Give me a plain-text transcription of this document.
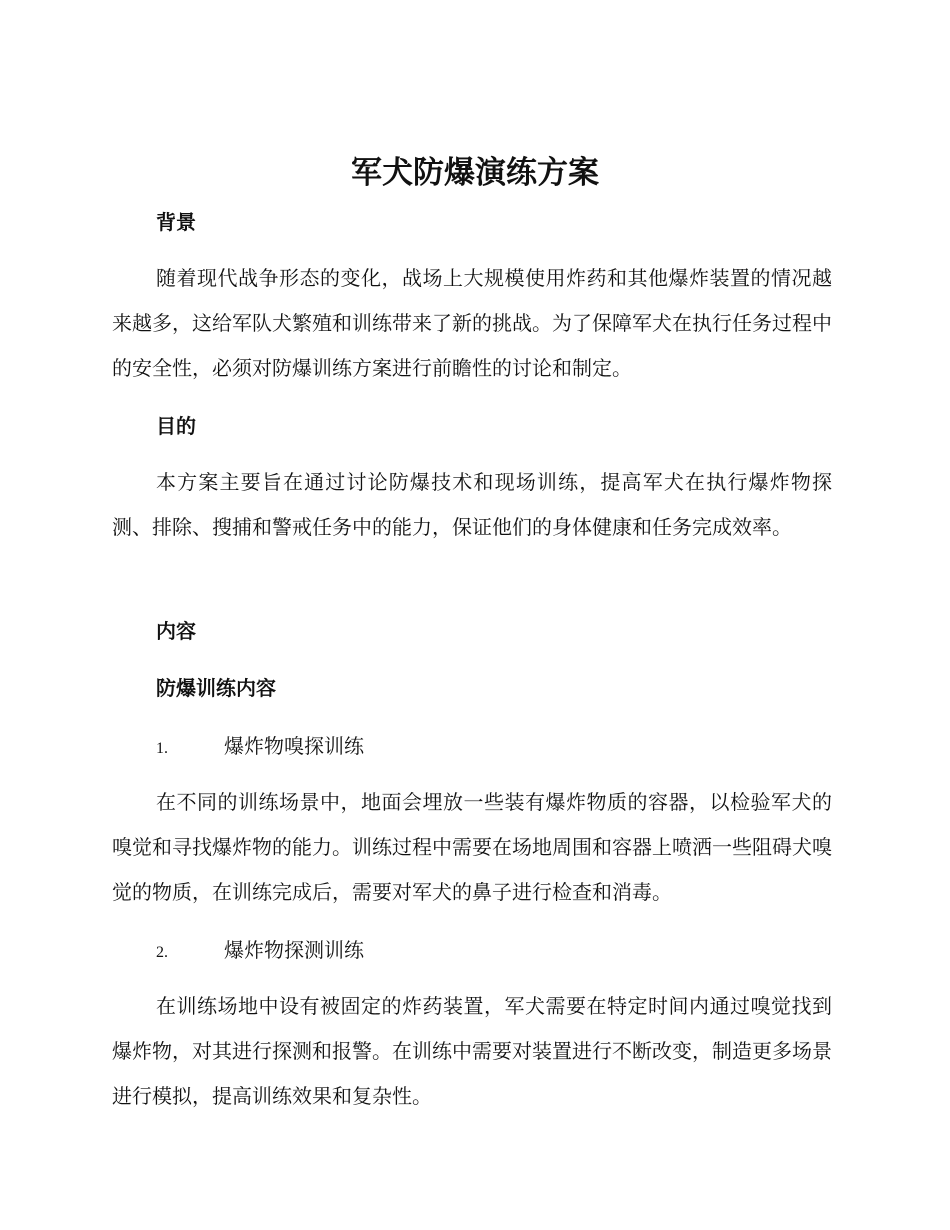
军犬防爆演练方案
背景
随着现代战争形态的变化，战场上大规模使用炸药和其他爆炸装置的情况越来越多，这给军队犬繁殖和训练带来了新的挑战。为了保障军犬在执行任务过程中的安全性，必须对防爆训练方案进行前瞻性的讨论和制定。
目的
本方案主要旨在通过讨论防爆技术和现场训练，提高军犬在执行爆炸物探测、排除、搜捕和警戒任务中的能力，保证他们的身体健康和任务完成效率。
内容
防爆训练内容
1.	爆炸物嗅探训练
在不同的训练场景中，地面会埋放一些装有爆炸物质的容器，以检验军犬的嗅觉和寻找爆炸物的能力。训练过程中需要在场地周围和容器上喷洒一些阻碍犬嗅觉的物质，在训练完成后，需要对军犬的鼻子进行检查和消毒。
2.	爆炸物探测训练
在训练场地中设有被固定的炸药装置，军犬需要在特定时间内通过嗅觉找到爆炸物，对其进行探测和报警。在训练中需要对装置进行不断改变，制造更多场景进行模拟，提高训练效果和复杂性。
